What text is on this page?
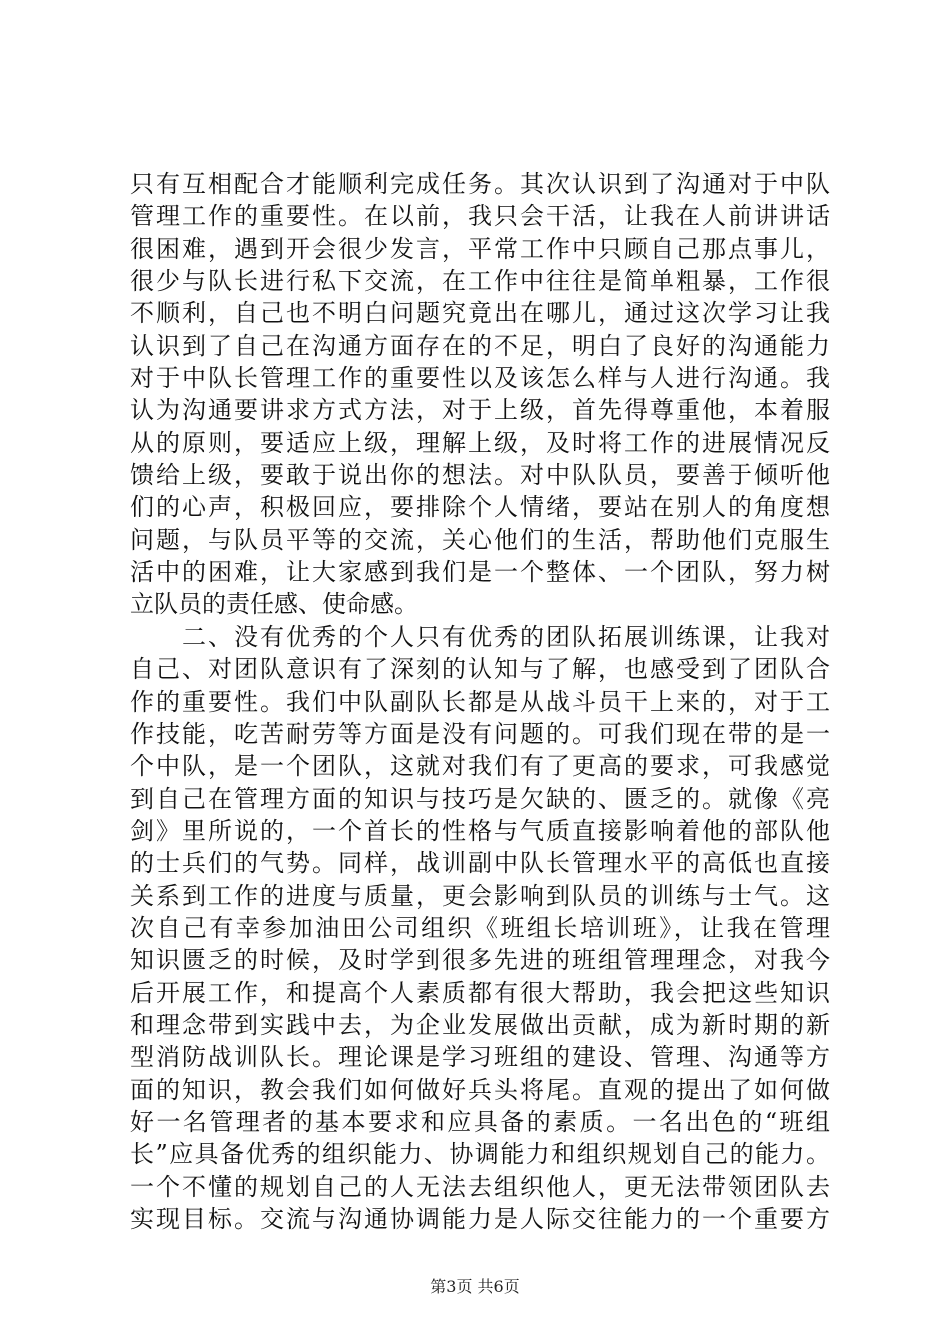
只有互相配合才能顺利完成任务。其次认识到了沟通对于中队
管理工作的重要性。在以前，我只会干活，让我在人前讲讲话
很困难，遇到开会很少发言，平常工作中只顾自己那点事儿，
很少与队长进行私下交流，在工作中往往是简单粗暴，工作很
不顺利，自己也不明白问题究竟出在哪儿，通过这次学习让我
认识到了自己在沟通方面存在的不足，明白了良好的沟通能力
对于中队长管理工作的重要性以及该怎么样与人进行沟通。我
认为沟通要讲求方式方法，对于上级，首先得尊重他，本着服
从的原则，要适应上级，理解上级，及时将工作的进展情况反
馈给上级，要敢于说出你的想法。对中队队员，要善于倾听他
们的心声，积极回应，要排除个人情绪，要站在别人的角度想
问题，与队员平等的交流，关心他们的生活，帮助他们克服生
活中的困难，让大家感到我们是一个整体、一个团队，努力树
立队员的责任感、使命感。
　　二、没有优秀的个人只有优秀的团队拓展训练课，让我对
自己、对团队意识有了深刻的认知与了解，也感受到了团队合
作的重要性。我们中队副队长都是从战斗员干上来的，对于工
作技能，吃苦耐劳等方面是没有问题的。可我们现在带的是一
个中队，是一个团队，这就对我们有了更高的要求，可我感觉
到自己在管理方面的知识与技巧是欠缺的、匮乏的。就像《亮
剑》里所说的，一个首长的性格与气质直接影响着他的部队他
的士兵们的气势。同样，战训副中队长管理水平的高低也直接
关系到工作的进度与质量，更会影响到队员的训练与士气。这
次自己有幸参加油田公司组织《班组长培训班》，让我在管理
知识匮乏的时候，及时学到很多先进的班组管理理念，对我今
后开展工作，和提高个人素质都有很大帮助，我会把这些知识
和理念带到实践中去，为企业发展做出贡献，成为新时期的新
型消防战训队长。理论课是学习班组的建设、管理、沟通等方
面的知识，教会我们如何做好兵头将尾。直观的提出了如何做
好一名管理者的基本要求和应具备的素质。一名出色的“班组
长”应具备优秀的组织能力、协调能力和组织规划自己的能力。
一个不懂的规划自己的人无法去组织他人，更无法带领团队去
实现目标。交流与沟通协调能力是人际交往能力的一个重要方
第3页 共6页
